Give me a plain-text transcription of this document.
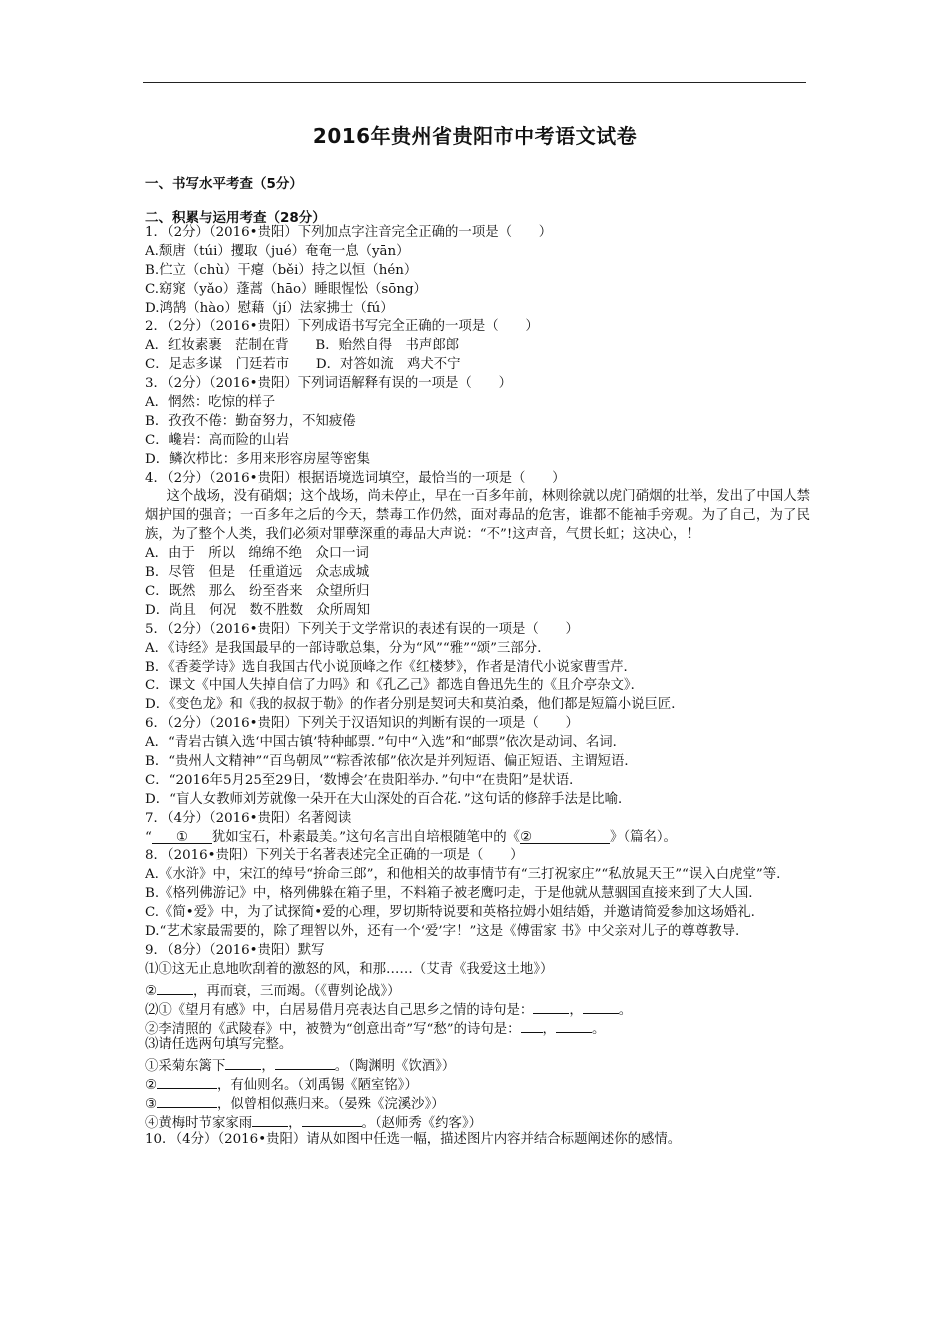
2016年贵州省贵阳市中考语文试卷
一、书写水平考查（5分）
二、积累与运用考查（28分）
1．（2分）（2016•贵阳）下列加点字注音完全正确的一项是（　　）
A.颓唐（túi）攫取（jué）奄奄一息（yān）
B.伫立（chù）干瘪（běi）持之以恒（hén）
C.窈窕（yǎo）蓬蒿（hāo）睡眼惺忪（sōng）
D.鸿鹄（hào）慰藉（jí）法家拂士（fú）
2．（2分）（2016•贵阳）下列成语书写完全正确的一项是（　　）
A．红妆素裹　茫制在背　　B．贻然自得　书声郎郎
C．足志多谋　门廷若市　　D．对答如流　鸡犬不宁
3．（2分）（2016•贵阳）下列词语解释有误的一项是（　　）
A．惘然：吃惊的样子
B．孜孜不倦：勤奋努力，不知疲倦
C．巉岩：高而险的山岩
D．鳞次栉比：多用来形容房屋等密集
4．（2分）（2016•贵阳）根据语境选词填空，最恰当的一项是（　　）
这个战场，没有硝烟；这个战场，尚未停止，早在一百多年前，林则徐就以虎门硝烟的壮举，发出了中国人禁烟护国的强音；一百多年之后的今天，禁毒工作仍然，面对毒品的危害，谁都不能袖手旁观。为了自己，为了民族，为了整个人类，我们必须对罪孽深重的毒品大声说：“不”!这声音，气贯长虹；这决心，！
A．由于　所以　绵绵不绝　众口一词
B．尽管　但是　任重道远　众志成城
C．既然　那么　纷至沓来　众望所归
D．尚且　何况　数不胜数　众所周知
5．（2分）（2016•贵阳）下列关于文学常识的表述有误的一项是（　　）
A．《诗经》是我国最早的一部诗歌总集，分为“风”“雅”“颂”三部分．
B．《香菱学诗》选自我国古代小说顶峰之作《红楼梦》，作者是清代小说家曹雪芹．
C．课文《中国人失掉自信了力吗》和《孔乙己》都选自鲁迅先生的《且介亭杂文》．
D．《变色龙》和《我的叔叔于勒》的作者分别是契诃夫和莫泊桑，他们都是短篇小说巨匠．
6．（2分）（2016•贵阳）下列关于汉语知识的判断有误的一项是（　　）
A．“青岩古镇入选‘中国古镇’特种邮票．”句中“入选”和“邮票”依次是动词、名词．
B．“贵州人文精神”“百鸟朝凤”“粽香浓郁”依次是并列短语、偏正短语、主谓短语．
C．“2016年5月25至29日，‘数博会’在贵阳举办．”句中“在贵阳”是状语．
D．“盲人女教师刘芳就像一朵开在大山深处的百合花．”这句话的修辞手法是比喻．
7．（4分）（2016•贵阳）名著阅读
“ ① 犹如宝石，朴素最美。”这句名言出自培根随笔中的《②	》（篇名）。
8．（2016•贵阳）下列关于名著表述完全正确的一项是（　　）
A.《水浒》中，宋江的绰号“拚命三郎”，和他相关的故事情节有“三打祝家庄”“私放晁天王”“误入白虎堂”等.
B.《格列佛游记》中，格列佛躲在箱子里，不料箱子被老鹰叼走，于是他就从慧骃国直接来到了大人国.
C.《简•爱》中，为了试探简•爱的心理，罗切斯特说要和英格拉姆小姐结婚，并邀请简爱参加这场婚礼.
D.“艺术家最需要的，除了理智以外，还有一个‘爱’字！”这是《傅雷家 书》中父亲对儿子的尊尊教导.
9．（8分）（2016•贵阳）默写
⑴①这无止息地吹刮着的激怒的风，和那……（艾青《我爱这土地》）
②	，再而衰，三而竭。（《曹刿论战》）
⑵①《望月有感》中，白居易借月亮表达自己思乡之情的诗句是：	，	。
②李清照的《武陵春》中，被赞为“创意出奇”写“愁”的诗句是： ，	。
⑶请任选两句填写完整。
①采菊东篱下	，	。（陶渊明《饮酒》）
②	，有仙则名。（刘禹锡《陋室铭》）
③	，似曾相似燕归来。（晏殊《浣溪沙》）
④黄梅时节家家雨	，	。（赵师秀《约客》）
10．（4分）（2016•贵阳）请从如图中任选一幅，描述图片内容并结合标题阐述你的感情。
